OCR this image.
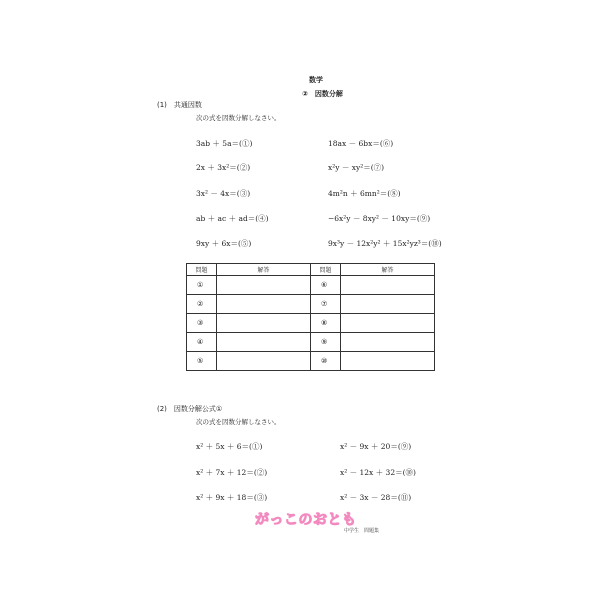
数学
②　因数分解
(1)　共通因数
次の式を因数分解しなさい。
3ab ＋ 5a＝(①)
2x ＋ 3x²＝(②)
3x² － 4x＝(③)
ab ＋ ac ＋ ad＝(④)
9xy ＋ 6x＝(⑤)
18ax － 6bx＝(⑥)
x²y － xy²＝(⑦)
4m²n ＋ 6mn²＝(⑧)
−6x²y － 8xy² － 10xy＝(⑨)
9x³y － 12x²y² ＋ 15x²yz³＝(⑩)
問題	解答	問題	解答
①		⑥	
②		⑦	
③		⑧	
④		⑨	
⑤		⑩	
(2)　因数分解公式①
次の式を因数分解しなさい。
x² ＋ 5x ＋ 6＝(①)
x² ＋ 7x ＋ 12＝(②)
x² ＋ 9x ＋ 18＝(③)
x² － 9x ＋ 20＝(⑨)
x² － 12x ＋ 32＝(⑩)
x² － 3x － 28＝(⑪)
がっこのおとも
中学生　問題集
